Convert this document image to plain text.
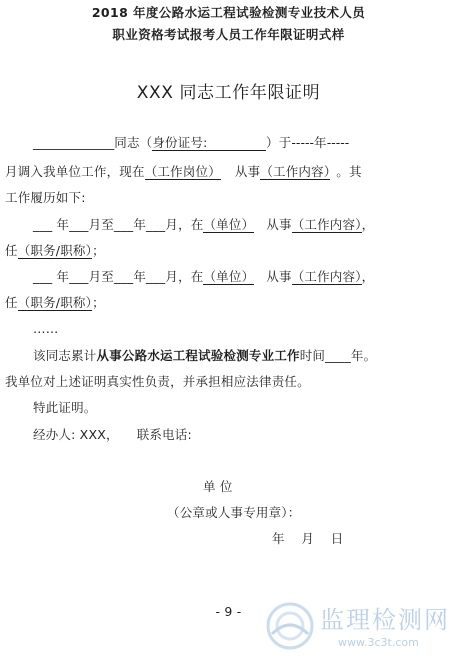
2018 年度公路水运工程试验检测专业技术人员
职业资格考试报考人员工作年限证明式样
XXX 同志工作年限证明
_____________同志（身份证号:	）于-----年-----
月调入我单位工作，现在（工作岗位） 从事（工作内容） 。其
工作履历如下:
___ 年___月至___年___月，在（单位） 从事（工作内容），
任（职务/职称）；
___ 年___月至___年___月，在（单位） 从事（工作内容），
任（职务/职称）；
……
该同志累计从事公路水运工程试验检测专业工作时间____年。
我单位对上述证明真实性负责，并承担相应法律责任。
特此证明。
经办人: XXX， 联系电话:
单 位
（公章或人事专用章）：
年    月    日
- 9 -	监理检测网
www.3c3t.com
